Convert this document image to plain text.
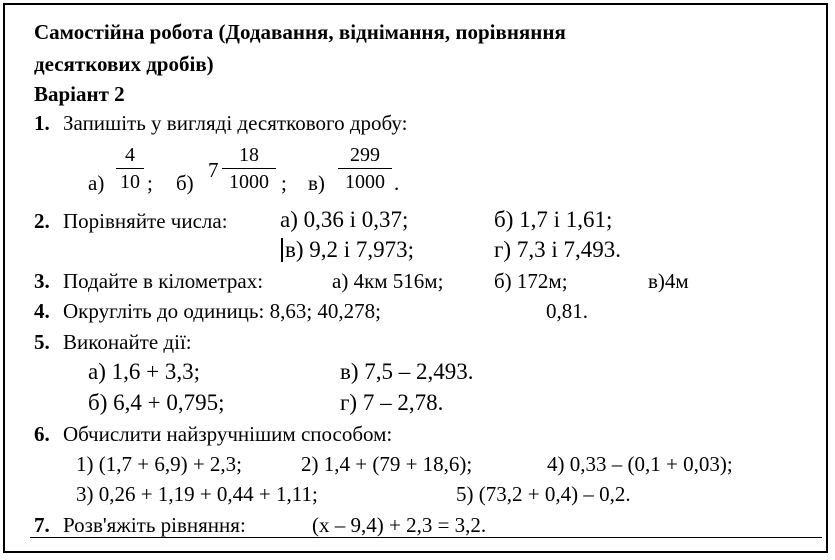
Самостійна робота (Додавання, віднімання, порівняння
десяткових дробів)
Варіант 2
1. Запишіть у вигляді десяткового дробу:
а)
4
10 ; б)
7
18
1000 ; в)
299
1000 .
2. Порівняйте числа: а) 0,36 і 0,37;	б) 1,7 і 1,61;
в) 9,2 і 7,973;	г) 7,3 і 7,493.
3. Подайте в кілометрах:	а) 4км 516м; б) 172м;	в)4м
4. Округліть до одиниць: 8,63; 40,278;	0,81.
5. Виконайте дії:
а) 1,6 + 3,3;	в) 7,5 – 2,493.
б) 6,4 + 0,795;	г) 7 – 2,78.
6. Обчислити найзручнішим способом:
1) (1,7 + 6,9) + 2,3;	2) 1,4 + (79 + 18,6);	4) 0,33 – (0,1 + 0,03);
3) 0,26 + 1,19 + 0,44 + 1,11;	5) (73,2 + 0,4) – 0,2.
7. Розв'яжіть рівняння:	(x – 9,4) + 2,3 = 3,2.
